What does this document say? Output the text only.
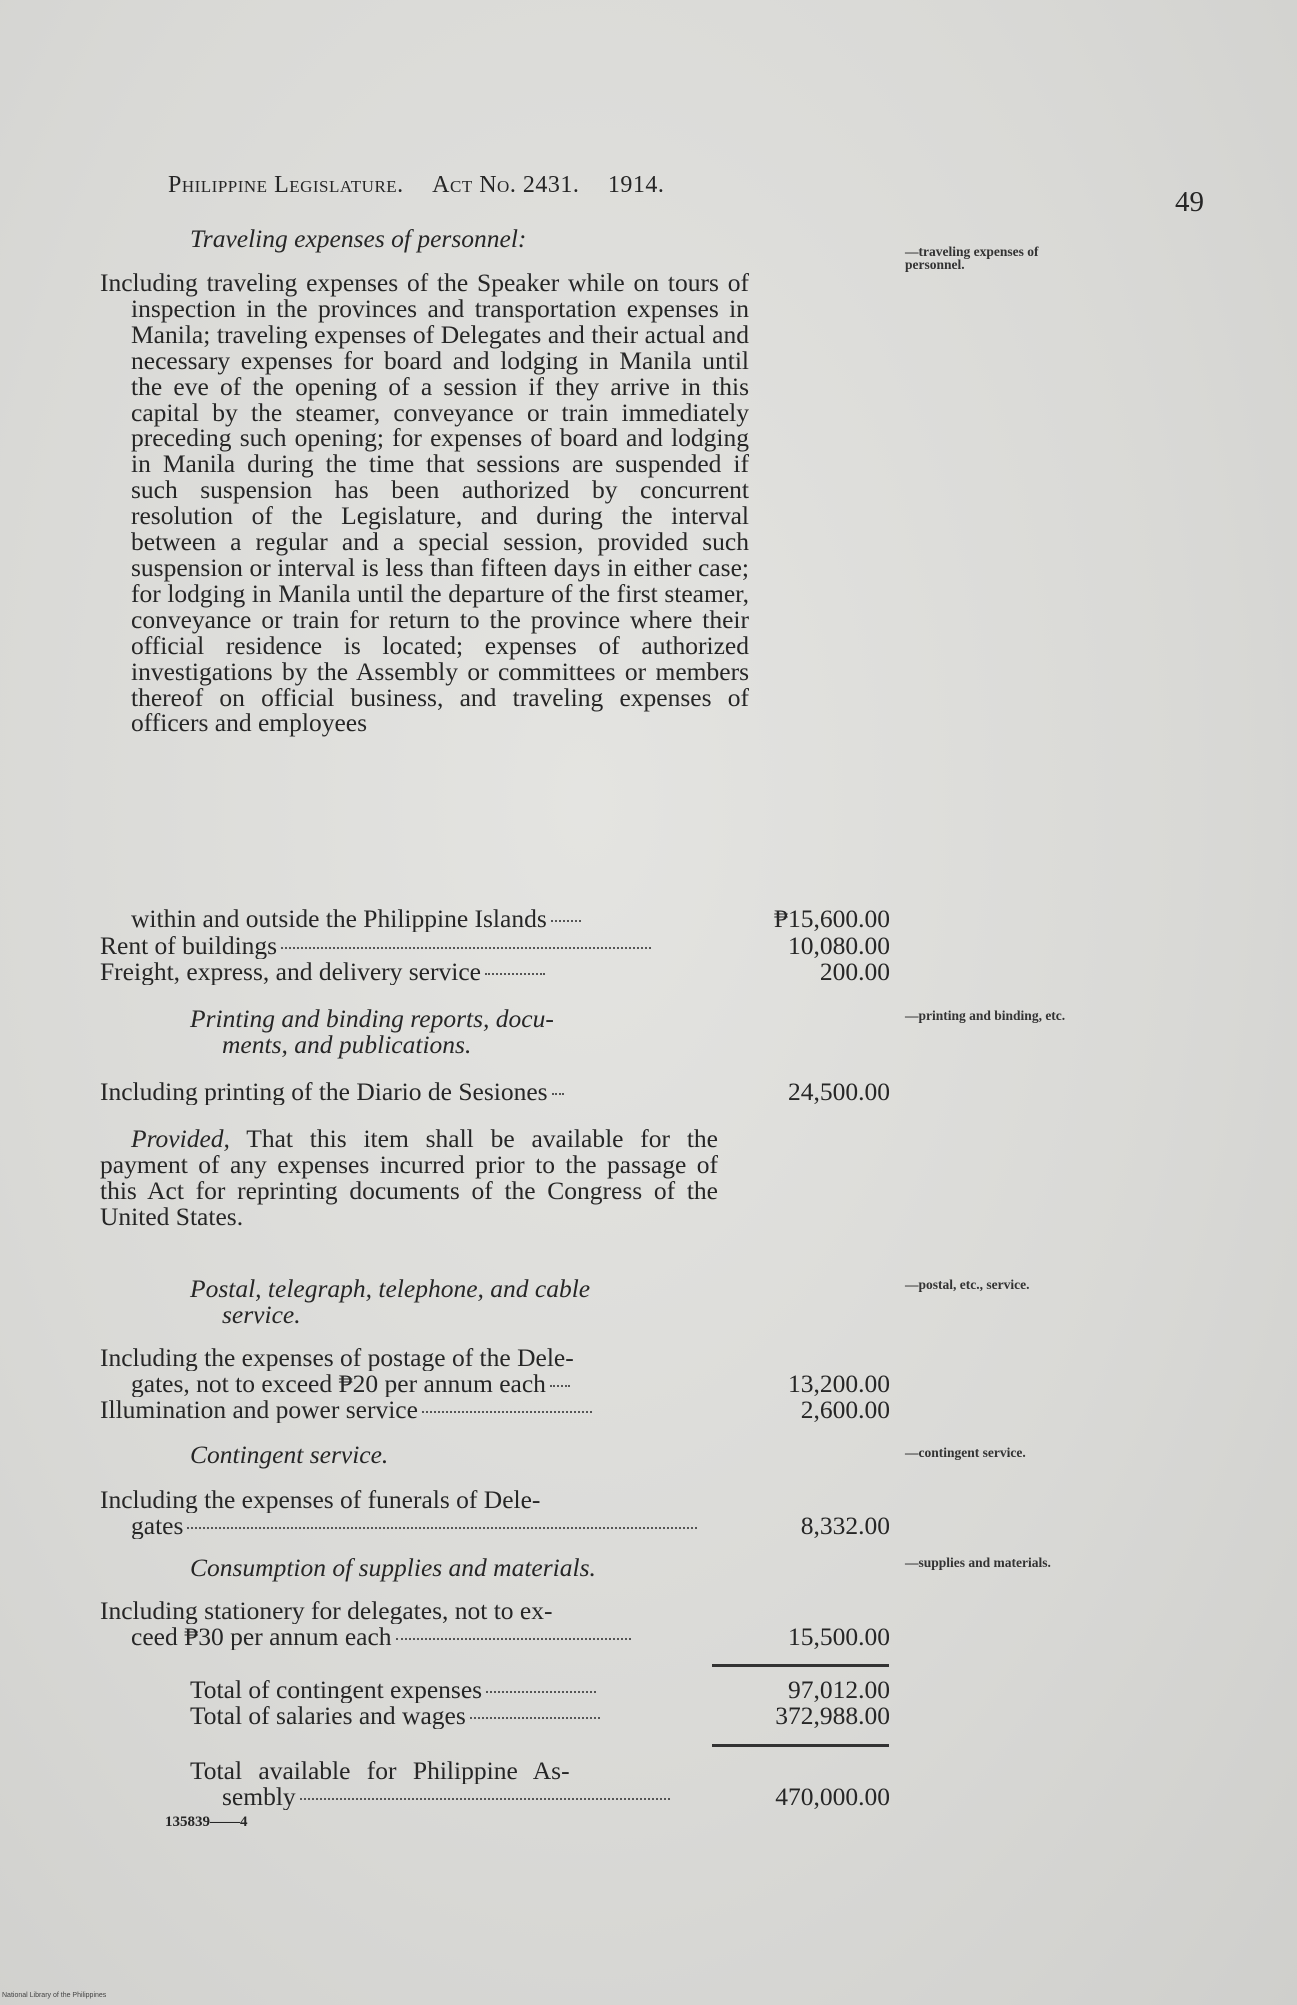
Philippine Legislature. Act No. 2431. 1914.
49
Traveling expenses of personnel:	—traveling expenses of personnel.
Including traveling expenses of the Speaker while on tours of inspection in the provinces and transportation expenses in Manila; traveling expenses of Delegates and their actual and necessary expenses for board and lodging in Manila until the eve of the opening of a session if they arrive in this capital by the steamer, conveyance or train immediately preceding such opening; for expenses of board and lodging in Manila during the time that sessions are suspended if such suspension has been authorized by concurrent resolution of the Legislature, and during the interval between a regular and a special session, provided such suspension or interval is less than fifteen days in either case; for lodging in Manila until the departure of the first steamer, conveyance or train for return to the province where their official residence is located; expenses of authorized investigations by the Assembly or committees or members thereof on official business, and traveling expenses of officers and employees
within and outside the Philippine Islands	₱15,600.00
Rent of buildings	10,080.00
Freight, express, and delivery service	200.00
Printing and binding reports, docu-
ments, and publications.
—printing and binding, etc.
Including printing of the Diario de Sesiones	24,500.00
Provided, That this item shall be available for the payment of any expenses incurred prior to the passage of this Act for reprinting documents of the Congress of the United States.
Postal, telegraph, telephone, and cable
service.
—postal, etc., service.
Including the expenses of postage of the Dele-
gates, not to exceed ₱20 per annum each	13,200.00
Illumination and power service	2,600.00
Contingent service.	—contingent service.
Including the expenses of funerals of Dele-
gates	8,332.00
Consumption of supplies and materials.	—supplies and materials.
Including stationery for delegates, not to ex-
ceed ₱30 per annum each	15,500.00
Total of contingent expenses	97,012.00
Total of salaries and wages	372,988.00
Total available for Philippine As-
sembly	470,000.00
135839——4
National Library of the Philippines
